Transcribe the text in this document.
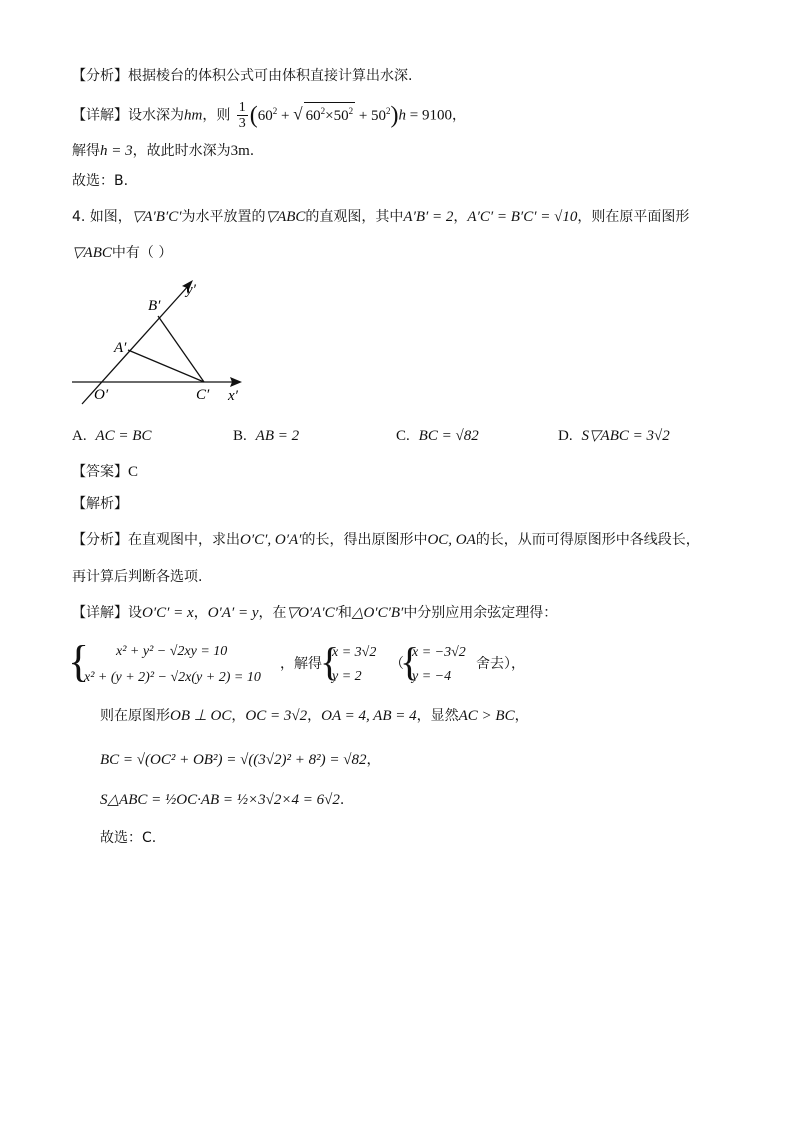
【分析】根据棱台的体积公式可由体积直接计算出水深.
【详解】设水深为hm，则 $\frac{1}{3} (60^2$ + √ $60^2\times 50^2 + 50^2)h = 9100$，
解得h = 3，故此时水深为3m.
故选：B.
4. 如图，▽A′B′C′为水平放置的▽ABC的直观图，其中A′B′ = 2，A′C′ = B′C′ = √10，则在原平面图形
▽ABC中有（ ）
B′
y′
A′
O′	C′ x′
A. AC = BC	B. AB = 2	C. BC = √82	D. S▽ABC = 3√2
【答案】C
【解析】
【分析】在直观图中，求出O′C′, O′A′的长，得出原图形中OC, OA的长，从而可得原图形中各线段长，
再计算后判断各选项.
【详解】设O′C′ = x，O′A′ = y，在▽O′A′C′和△O′C′B′中分别应用余弦定理得：
{ x² + y² − √2xy = 10
x² + (y + 2)² − √2x(y + 2) = 10
，解得
{
x = 3√2
y = 2
（
{
x = −3√2
y = −4
舍去），
则在原图形OB ⊥ OC，OC = 3√2，OA = 4, AB = 4，显然AC > BC，
BC = √(OC² + OB²) = √((3√2)² + 8²) = √82，
S△ABC = ½OC·AB = ½×3√2×4 = 6√2.
故选：C.
